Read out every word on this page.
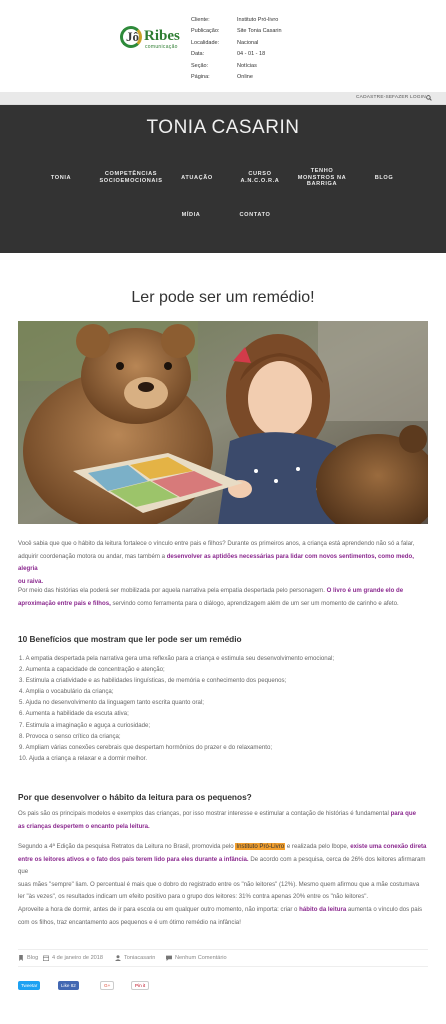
Jô Ribes
comunicação
Cliente:	Instituto Pró-livro
Publicação:	Site Tonia Casarin
Localidade:	Nacional
Data:	04 - 01 - 18
Seção:	Notícias
Página:	Online
CADASTRE-SE FAZER LOGIN
TONIA CASARIN
TONIA
COMPETÊNCIAS
SOCIOEMOCIONAIS	ATUAÇÃO
CURSO
A.N.C.O.R.A
TENHO
MONSTROS NA
BARRIGA
BLOG
MÍDIA	CONTATO
Ler pode ser um remédio!
Você sabia que que o hábito da leitura fortalece o vínculo entre pais e filhos? Durante os primeiros anos, a criança está aprendendo não só a falar,
adquirir coordenação motora ou andar, mas também a desenvolver as aptidões necessárias para lidar com novos sentimentos, como medo, alegria
ou raiva.
Por meio das histórias ela poderá ser mobilizada por aquela narrativa pela empatia despertada pelo personagem. O livro é um grande elo de
aproximação entre pais e filhos, servindo como ferramenta para o diálogo, aprendizagem além de um ser um momento de carinho e afeto.
10 Benefícios que mostram que ler pode ser um remédio
1. A empatia despertada pela narrativa gera uma reflexão para a criança e estimula seu desenvolvimento emocional;
2. Aumenta a capacidade de concentração e atenção;
3. Estimula a criatividade e as habilidades linguísticas, de memória e conhecimento dos pequenos;
4. Amplia o vocabulário da criança;
5. Ajuda no desenvolvimento da linguagem tanto escrita quanto oral;
6. Aumenta a habilidade da escuta ativa;
7. Estimula a imaginação e aguça a curiosidade;
8. Provoca o senso crítico da criança;
9. Ampliam várias conexões cerebrais que despertam hormônios do prazer e do relaxamento;
10. Ajuda a criança a relaxar e a dormir melhor.
Por que desenvolver o hábito da leitura para os pequenos?
Os pais são os principais modelos e exemplos das crianças, por isso mostrar interesse e estimular a contação de histórias é fundamental para que
as crianças despertem o encanto pela leitura.
Segundo a 4ª Edição da pesquisa Retratos da Leitura no Brasil, promovida pelo Instituto Pró-Livro e realizada pelo Ibope, existe uma conexão direta
entre os leitores ativos e o fato dos pais terem lido para eles durante a infância. De acordo com a pesquisa, cerca de 26% dos leitores afirmaram que
suas mães "sempre" liam. O percentual é mais que o dobro do registrado entre os "não leitores" (12%). Mesmo quem afirmou que a mãe costumava
ler "às vezes", os resultados indicam um efeito positivo para o grupo dos leitores: 31% contra apenas 20% entre os "não leitores".
Aproveite a hora de dormir, antes de ir para escola ou em qualquer outro momento, não importa: criar o hábito da leitura aumenta o vínculo dos pais
com os filhos, traz encantamento aos pequenos e é um ótimo remédio na infância!
Blog 4 de janeiro de 2018	Toniacasarin	Nenhum Comentário
Tweetar	Like 82	G+	Pin it
